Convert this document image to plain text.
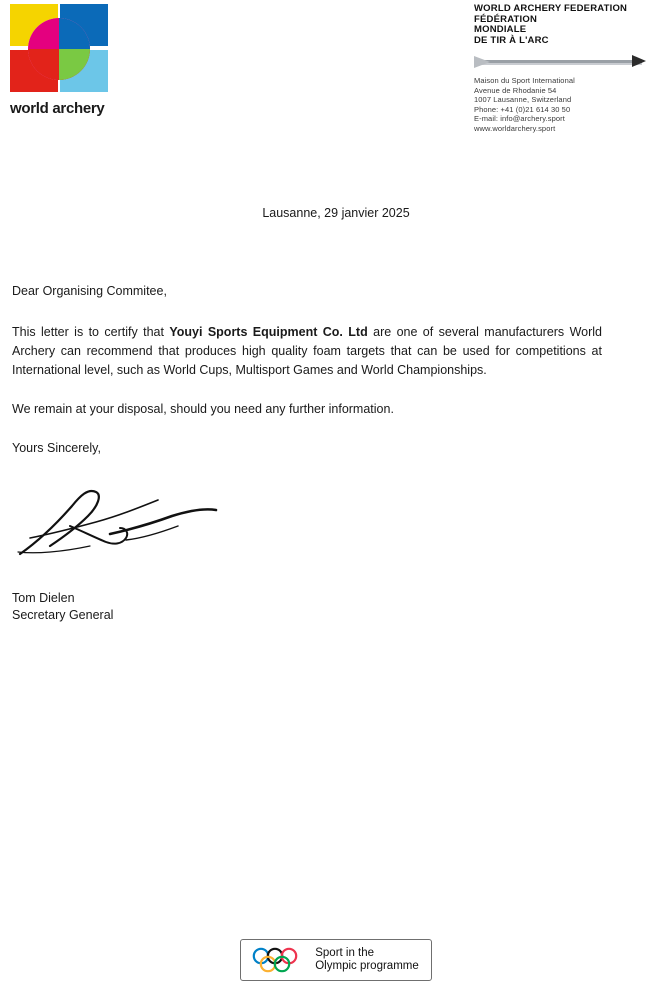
world archery
WORLD ARCHERY FEDERATION
FÉDÉRATION
MONDIALE
DE TIR À L'ARC
Maison du Sport International
Avenue de Rhodanie 54
1007 Lausanne, Switzerland
Phone: +41 (0)21 614 30 50
E-mail: info@archery.sport
www.worldarchery.sport
Lausanne, 29 janvier 2025

Dear Organising Commitee,

This letter is to certify that Youyi Sports Equipment Co. Ltd are one of several manufacturers World Archery can recommend that produces high quality foam targets that can be used for competitions at International level, such as World Cups, Multisport Games and World Championships.

We remain at your disposal, should you need any further information.

Yours Sincerely,

Tom Dielen
Secretary General
Sport in the
Olympic programme
